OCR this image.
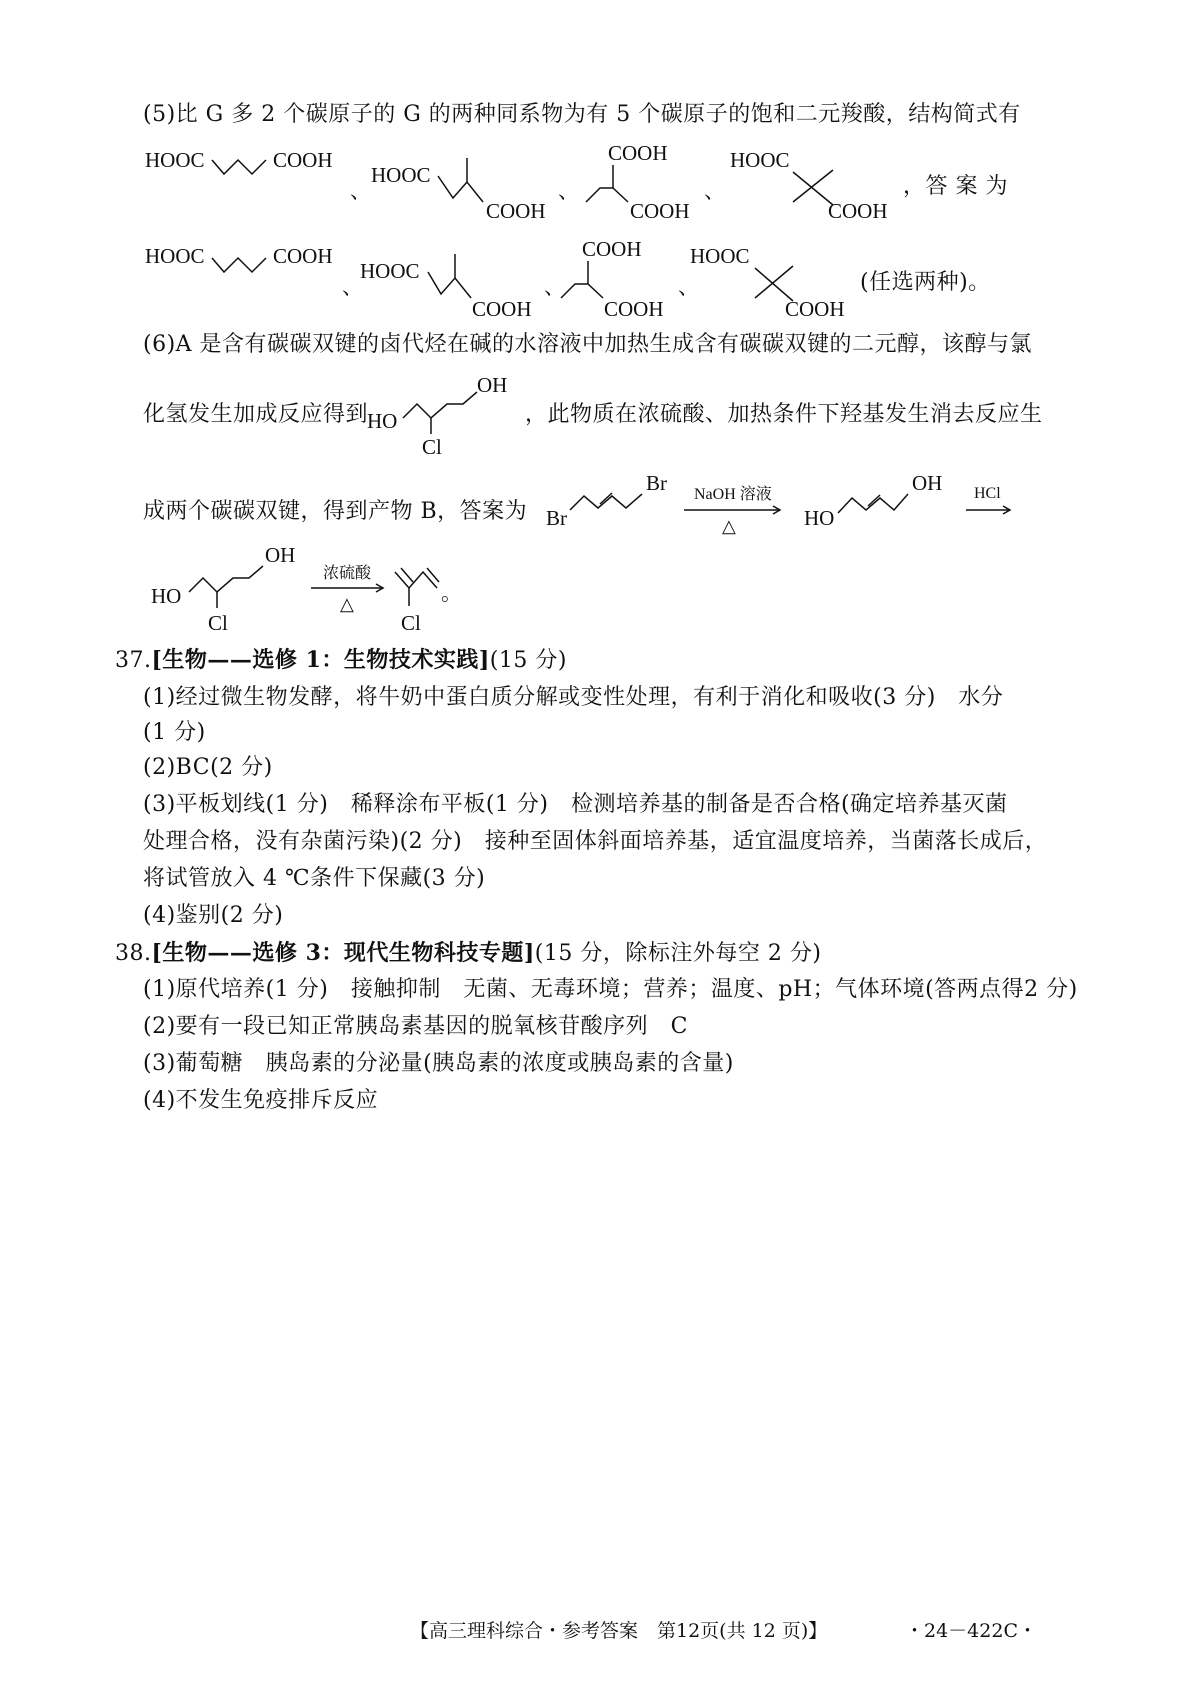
(5)比 G 多 2 个碳原子的 G 的两种同系物为有 5 个碳原子的饱和二元羧酸，结构简式有
HOOC	COOH
、
HOOC
COOH
、
COOH
COOH
、
HOOC
COOH
，答 案 为
HOOC	COOH
、
HOOC
COOH
、
COOH
COOH
、
HOOC
COOH
(任选两种)。
(6)A 是含有碳碳双键的卤代烃在碱的水溶液中加热生成含有碳碳双键的二元醇，该醇与氯
化氢发生加成反应得到
OH
HO
Cl
，此物质在浓硫酸、加热条件下羟基发生消去反应生
成两个碳碳双键，得到产物 B，答案为 Br
Br NaOH 溶液
△	HO
OH HCl
OH
HO
Cl
浓硫酸
△
Cl
。
37.[生物——选修 1：生物技术实践](15 分)
(1)经过微生物发酵，将牛奶中蛋白质分解或变性处理，有利于消化和吸收(3 分)　水分
(1 分)
(2)BC(2 分)
(3)平板划线(1 分)　稀释涂布平板(1 分)　检测培养基的制备是否合格(确定培养基灭菌
处理合格，没有杂菌污染)(2 分)　接种至固体斜面培养基，适宜温度培养，当菌落长成后，
将试管放入 4 ℃条件下保藏(3 分)
(4)鉴别(2 分)
38.[生物——选修 3：现代生物科技专题](15 分，除标注外每空 2 分)
(1)原代培养(1 分)　接触抑制　无菌、无毒环境；营养；温度、pH；气体环境(答两点得2 分)
(2)要有一段已知正常胰岛素基因的脱氧核苷酸序列　C
(3)葡萄糖　胰岛素的分泌量(胰岛素的浓度或胰岛素的含量)
(4)不发生免疫排斥反应
【高三理科综合・参考答案　第12页(共 12 页)】	・24－422C・
